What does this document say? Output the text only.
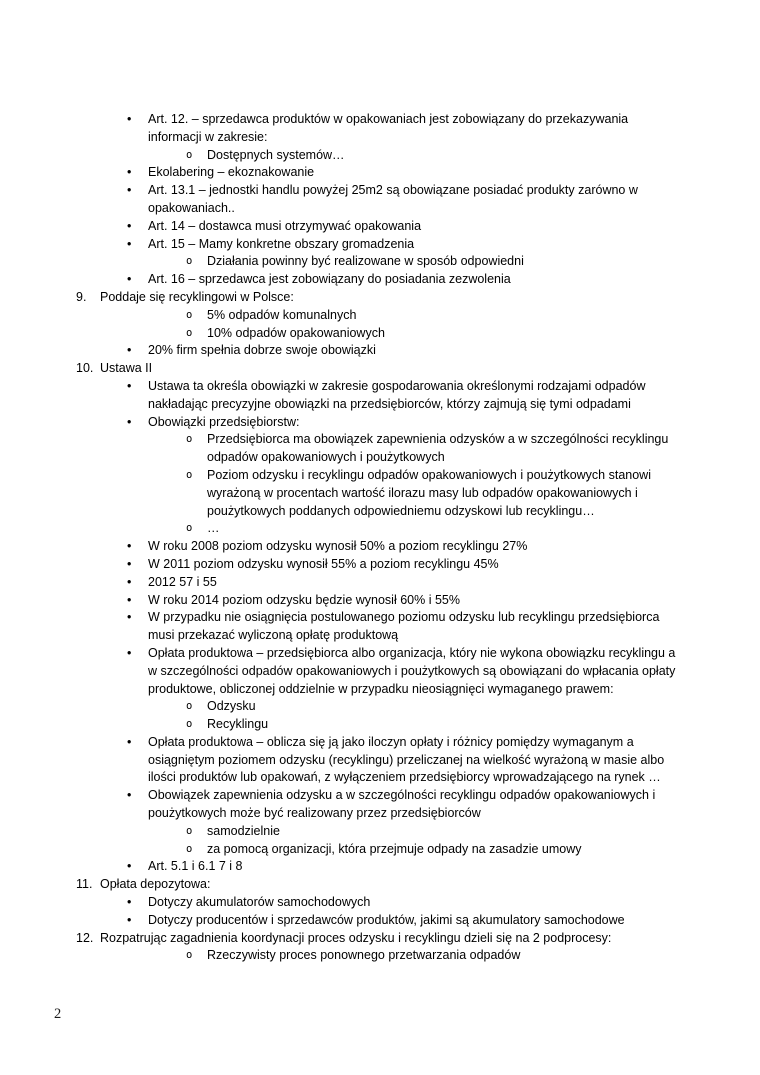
• Art. 12. – sprzedawca produktów w opakowaniach jest zobowiązany do przekazywania informacji w zakresie:
o Dostępnych systemów…
• Ekolabering – ekoznakowanie
• Art. 13.1 – jednostki handlu powyżej 25m2 są obowiązane posiadać produkty zarówno w opakowaniach..
• Art. 14 – dostawca musi otrzymywać opakowania
• Art. 15 – Mamy konkretne obszary gromadzenia
o Działania powinny być realizowane w sposób odpowiedni
• Art. 16 – sprzedawca jest zobowiązany do posiadania zezwolenia
9. Poddaje się recyklingowi w Polsce:
o 5% odpadów komunalnych
o 10% odpadów opakowaniowych
• 20% firm spełnia dobrze swoje obowiązki
10. Ustawa II
• Ustawa ta określa obowiązki w zakresie gospodarowania określonymi rodzajami odpadów nakładając precyzyjne obowiązki na przedsiębiorców, którzy zajmują się tymi odpadami
• Obowiązki przedsiębiorstw:
o Przedsiębiorca ma obowiązek zapewnienia odzysków a w szczególności recyklingu odpadów opakowaniowych i poużytkowych
o Poziom odzysku i recyklingu odpadów opakowaniowych i poużytkowych stanowi wyrażoną w procentach wartość ilorazu masy lub odpadów opakowaniowych i poużytkowych poddanych odpowiedniemu odzyskowi lub recyklingu…
o …
• W roku 2008 poziom odzysku wynosił 50% a poziom recyklingu 27%
• W 2011 poziom odzysku wynosił 55% a poziom recyklingu 45%
• 2012 57 i 55
• W roku 2014 poziom odzysku będzie wynosił 60% i 55%
• W przypadku nie osiągnięcia postulowanego poziomu odzysku lub recyklingu przedsiębiorca musi przekazać wyliczoną opłatę produktową
• Opłata produktowa – przedsiębiorca albo organizacja, który nie wykona obowiązku recyklingu a w szczególności odpadów opakowaniowych i poużytkowych są obowiązani do wpłacania opłaty produktowe, obliczonej oddzielnie w przypadku nieosiągnięci wymaganego prawem:
o Odzysku
o Recyklingu
• Opłata produktowa – oblicza się ją jako iloczyn opłaty i różnicy pomiędzy wymaganym a osiągniętym poziomem odzysku (recyklingu) przeliczanej na wielkość wyrażoną w masie albo ilości produktów lub opakowań, z wyłączeniem przedsiębiorcy wprowadzającego na rynek …
• Obowiązek zapewnienia odzysku a w szczególności recyklingu odpadów opakowaniowych i poużytkowych może być realizowany przez przedsiębiorców
o samodzielnie
o za pomocą organizacji, która przejmuje odpady na zasadzie umowy
• Art. 5.1 i 6.1 7 i 8
11. Opłata depozytowa:
• Dotyczy akumulatorów samochodowych
• Dotyczy producentów i sprzedawców produktów, jakimi są akumulatory samochodowe
12. Rozpatrując zagadnienia koordynacji proces odzysku i recyklingu dzieli się na 2 podprocesy:
o Rzeczywisty proces ponownego przetwarzania odpadów
2
